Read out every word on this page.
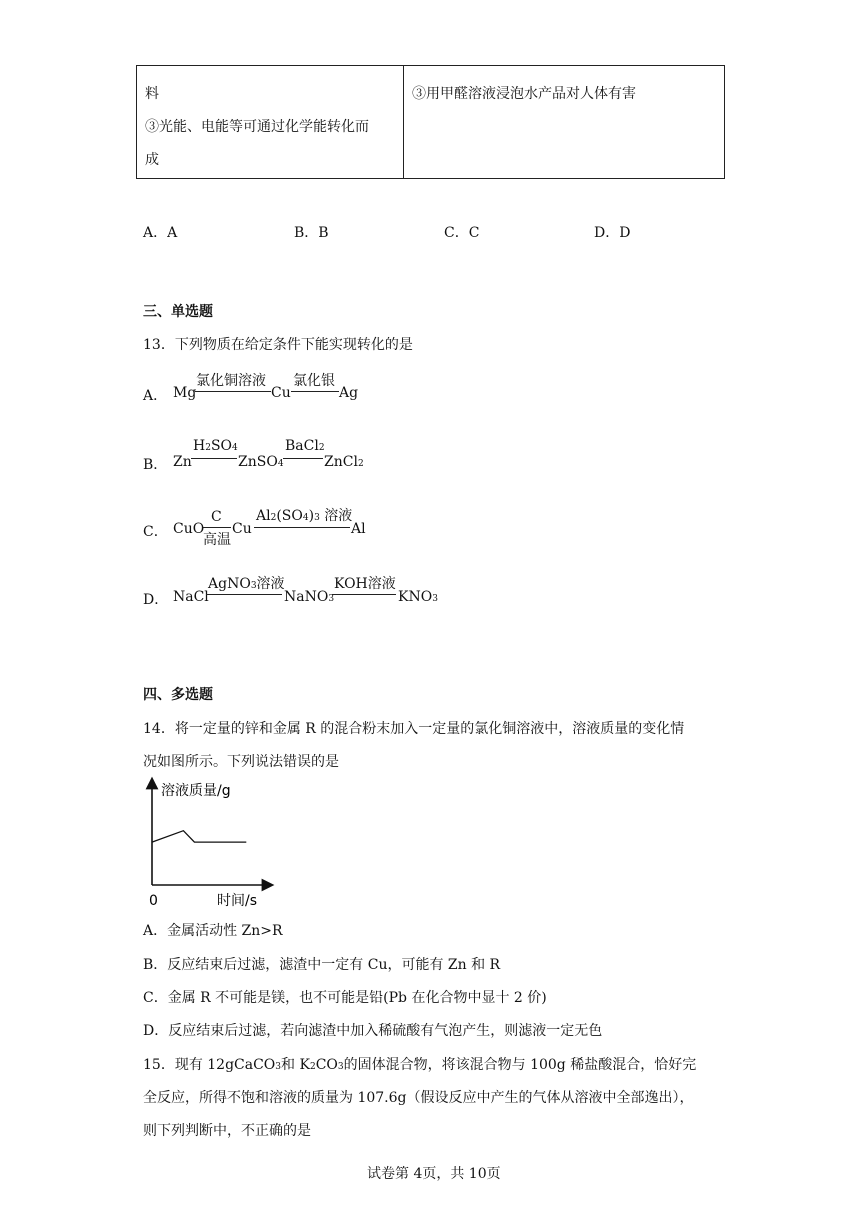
料
③光能、电能等可通过化学能转化而
成

③用甲醛溶液浸泡水产品对人体有害
A．A	B．B	C．C	D．D
三、单选题
13．下列物质在给定条件下能实现转化的是
A． Mg
氯化铜溶液
Cu
氯化银
Ag
B． Zn
H2SO4
ZnSO4
BaCl2
ZnCl2
C． CuO
C
高温
Cu
Al2(SO4)3 溶液
Al
D． NaCl
AgNO3溶液
NaNO3
KOH溶液
KNO3
四、多选题
14．将一定量的锌和金属 R 的混合粉末加入一定量的氯化铜溶液中，溶液质量的变化情
况如图所示。下列说法错误的是
溶液质量/g
时间/s
0
A．金属活动性 Zn>R
B．反应结束后过滤，滤渣中一定有 Cu，可能有 Zn 和 R
C．金属 R 不可能是镁，也不可能是铅(Pb 在化合物中显十 2 价)
D．反应结束后过滤，若向滤渣中加入稀硫酸有气泡产生，则滤液一定无色
15．现有 12gCaCO3和 K2CO3的固体混合物，将该混合物与 100g 稀盐酸混合，恰好完
全反应，所得不饱和溶液的质量为 107.6g（假设反应中产生的气体从溶液中全部逸出），
则下列判断中，不正确的是
试卷第 4页，共 10页
